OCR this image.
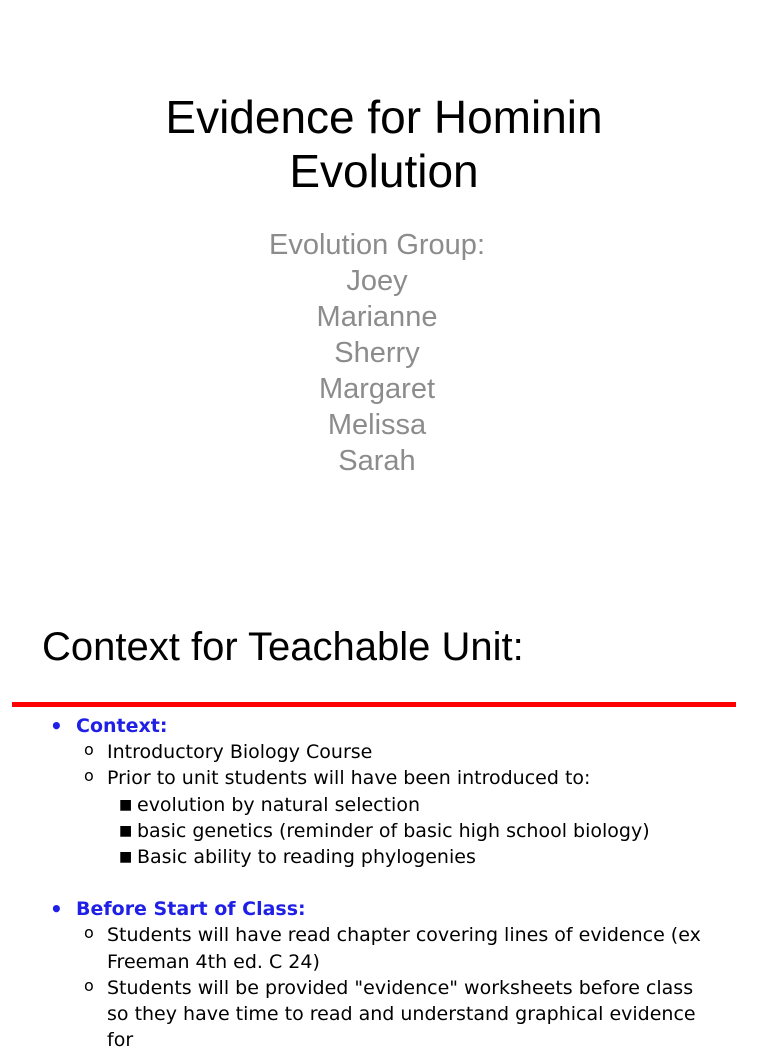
Evidence for Hominin
Evolution
Evolution Group:
Joey
Marianne
Sherry
Margaret
Melissa
Sarah
Context for Teachable Unit:
• Context:
o Introductory Biology Course
o Prior to unit students will have been introduced to:
■ evolution by natural selection
■ basic genetics (reminder of basic high school biology)
■ Basic ability to reading phylogenies
• Before Start of Class:
o Students will have read chapter covering lines of evidence (ex Freeman 4th ed. C 24)
o Students will be provided "evidence" worksheets before class so they have time to read and understand graphical evidence for
